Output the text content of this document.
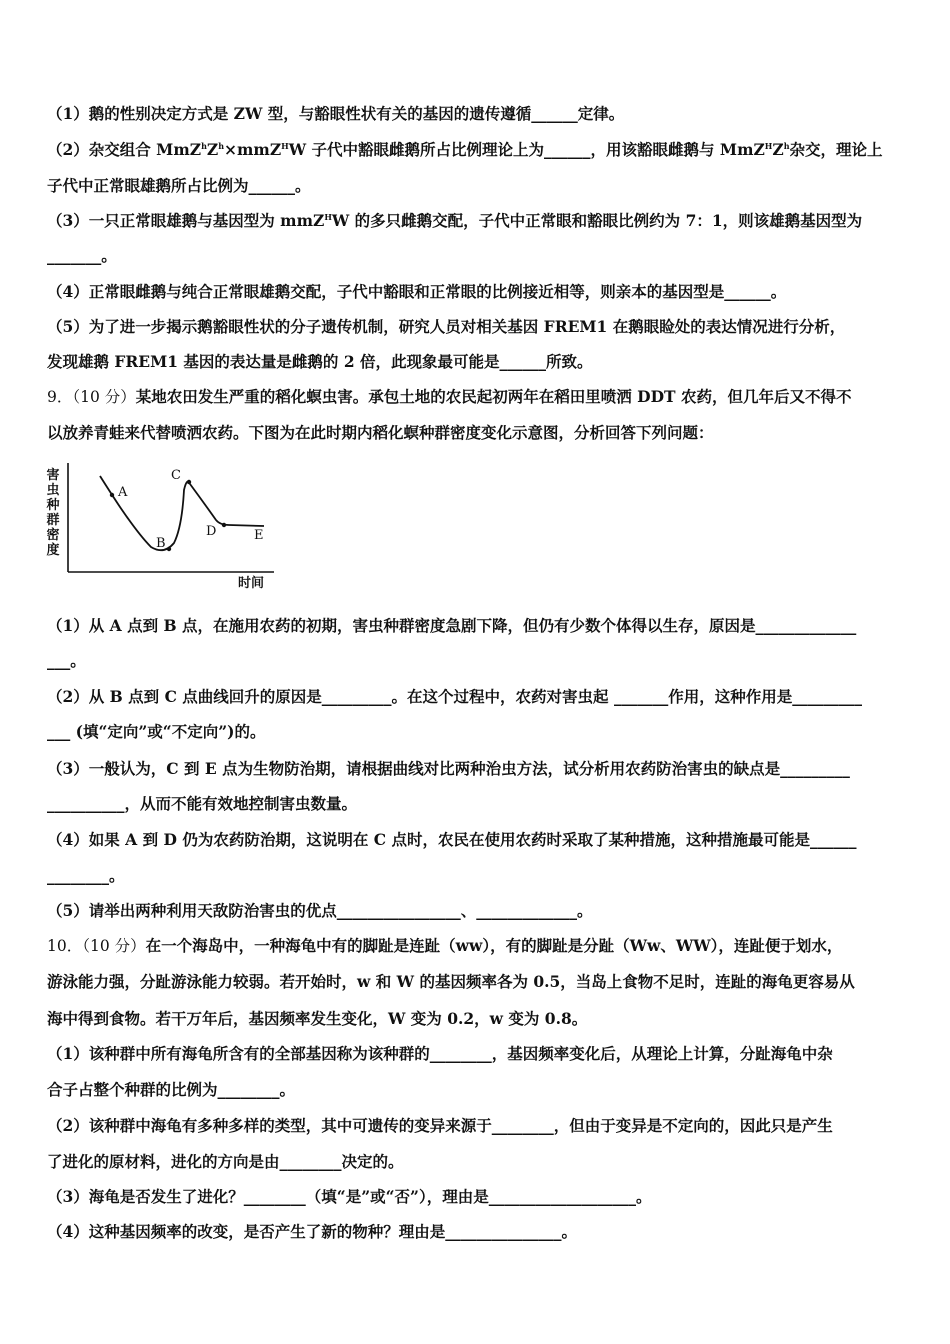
（1）鹅的性别决定方式是 ZW 型，与豁眼性状有关的基因的遗传遵循______定律。
（2）杂交组合 $MmZ^hZ^h\times mmZ^HW$ 子代中豁眼雌鹅所占比例理论上为______，用该豁眼雌鹅与 $MmZ^HZ^h$杂交，理论上
子代中正常眼雄鹅所占比例为______。
（3）一只正常眼雄鹅与基因型为 mmZ$^H$W 的多只雌鹅交配，子代中正常眼和豁眼比例约为 7：1，则该雄鹅基因型为
_______。
（4）正常眼雌鹅与纯合正常眼雄鹅交配，子代中豁眼和正常眼的比例接近相等，则亲本的基因型是______。
（5）为了进一步揭示鹅豁眼性状的分子遗传机制，研究人员对相关基因 FREM1 在鹅眼睑处的表达情况进行分析，
发现雄鹅 FREM1 基因的表达量是雌鹅的 2 倍，此现象最可能是______所致。
9．（10 分）某地农田发生严重的稻化螟虫害。承包土地的农民起初两年在稻田里喷洒 DDT 农药，但几年后又不得不
以放养青蛙来代替喷洒农药。下图为在此时期内稻化螟种群密度变化示意图，分析回答下列问题：
害虫种群密度
时间
A
B
C
D	E
（1）从 A 点到 B 点，在施用农药的初期，害虫种群密度急剧下降，但仍有少数个体得以生存，原因是_____________
___。
（2）从 B 点到 C 点曲线回升的原因是_________。在这个过程中，农药对害虫起 _______作用，这种作用是_________
___ (填“定向”或“不定向”)的。
（3）一般认为，C 到 E 点为生物防治期，请根据曲线对比两种治虫方法，试分析用农药防治害虫的缺点是_________
__________，从而不能有效地控制害虫数量。
（4）如果 A 到 D 仍为农药防治期，这说明在 C 点时，农民在使用农药时采取了某种措施，这种措施最可能是______
________。
（5）请举出两种利用天敌防治害虫的优点________________、_____________。
10．（10 分）在一个海岛中，一种海龟中有的脚趾是连趾（ww），有的脚趾是分趾（Ww、WW），连趾便于划水，
游泳能力强，分趾游泳能力较弱。若开始时，w 和 W 的基因频率各为 0.5，当岛上食物不足时，连趾的海龟更容易从
海中得到食物。若干万年后，基因频率发生变化，W 变为 0.2，w 变为 0.8。
（1）该种群中所有海龟所含有的全部基因称为该种群的________，基因频率变化后，从理论上计算，分趾海龟中杂
合子占整个种群的比例为________。
（2）该种群中海龟有多种多样的类型，其中可遗传的变异来源于________，但由于变异是不定向的，因此只是产生
了进化的原材料，进化的方向是由________决定的。
（3）海龟是否发生了进化？________（填“是”或“否”），理由是___________________。
（4）这种基因频率的改变，是否产生了新的物种？理由是_______________。
